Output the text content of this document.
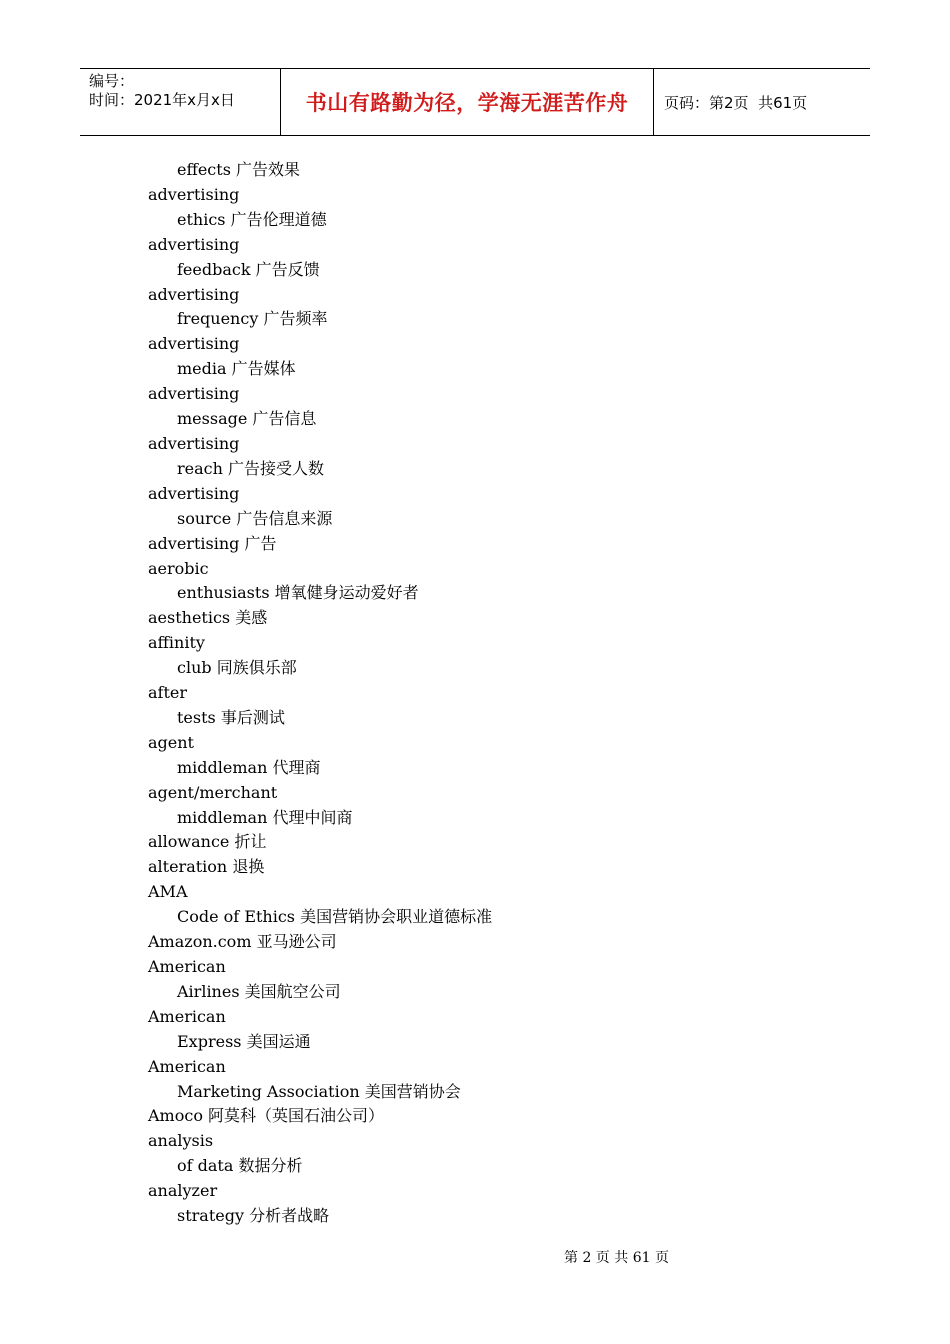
编号：
时间：2021年x月x日	书山有路勤为径，学海无涯苦作舟	页码：第2页  共61页
effects 广告效果
advertising
ethics 广告伦理道德
advertising
feedback 广告反馈
advertising
frequency 广告频率
advertising
media 广告媒体
advertising
message 广告信息
advertising
reach 广告接受人数
advertising
source 广告信息来源
advertising 广告
aerobic
enthusiasts 增氧健身运动爱好者
aesthetics 美感
affinity
club 同族俱乐部
after
tests 事后测试
agent
middleman 代理商
agent/merchant
middleman 代理中间商
allowance 折让
alteration 退换
AMA
Code of Ethics 美国营销协会职业道德标准
Amazon.com 亚马逊公司
American
Airlines 美国航空公司
American
Express 美国运通
American
Marketing Association 美国营销协会
Amoco 阿莫科（英国石油公司）
analysis
of data 数据分析
analyzer
strategy 分析者战略
第 2 页 共 61 页
